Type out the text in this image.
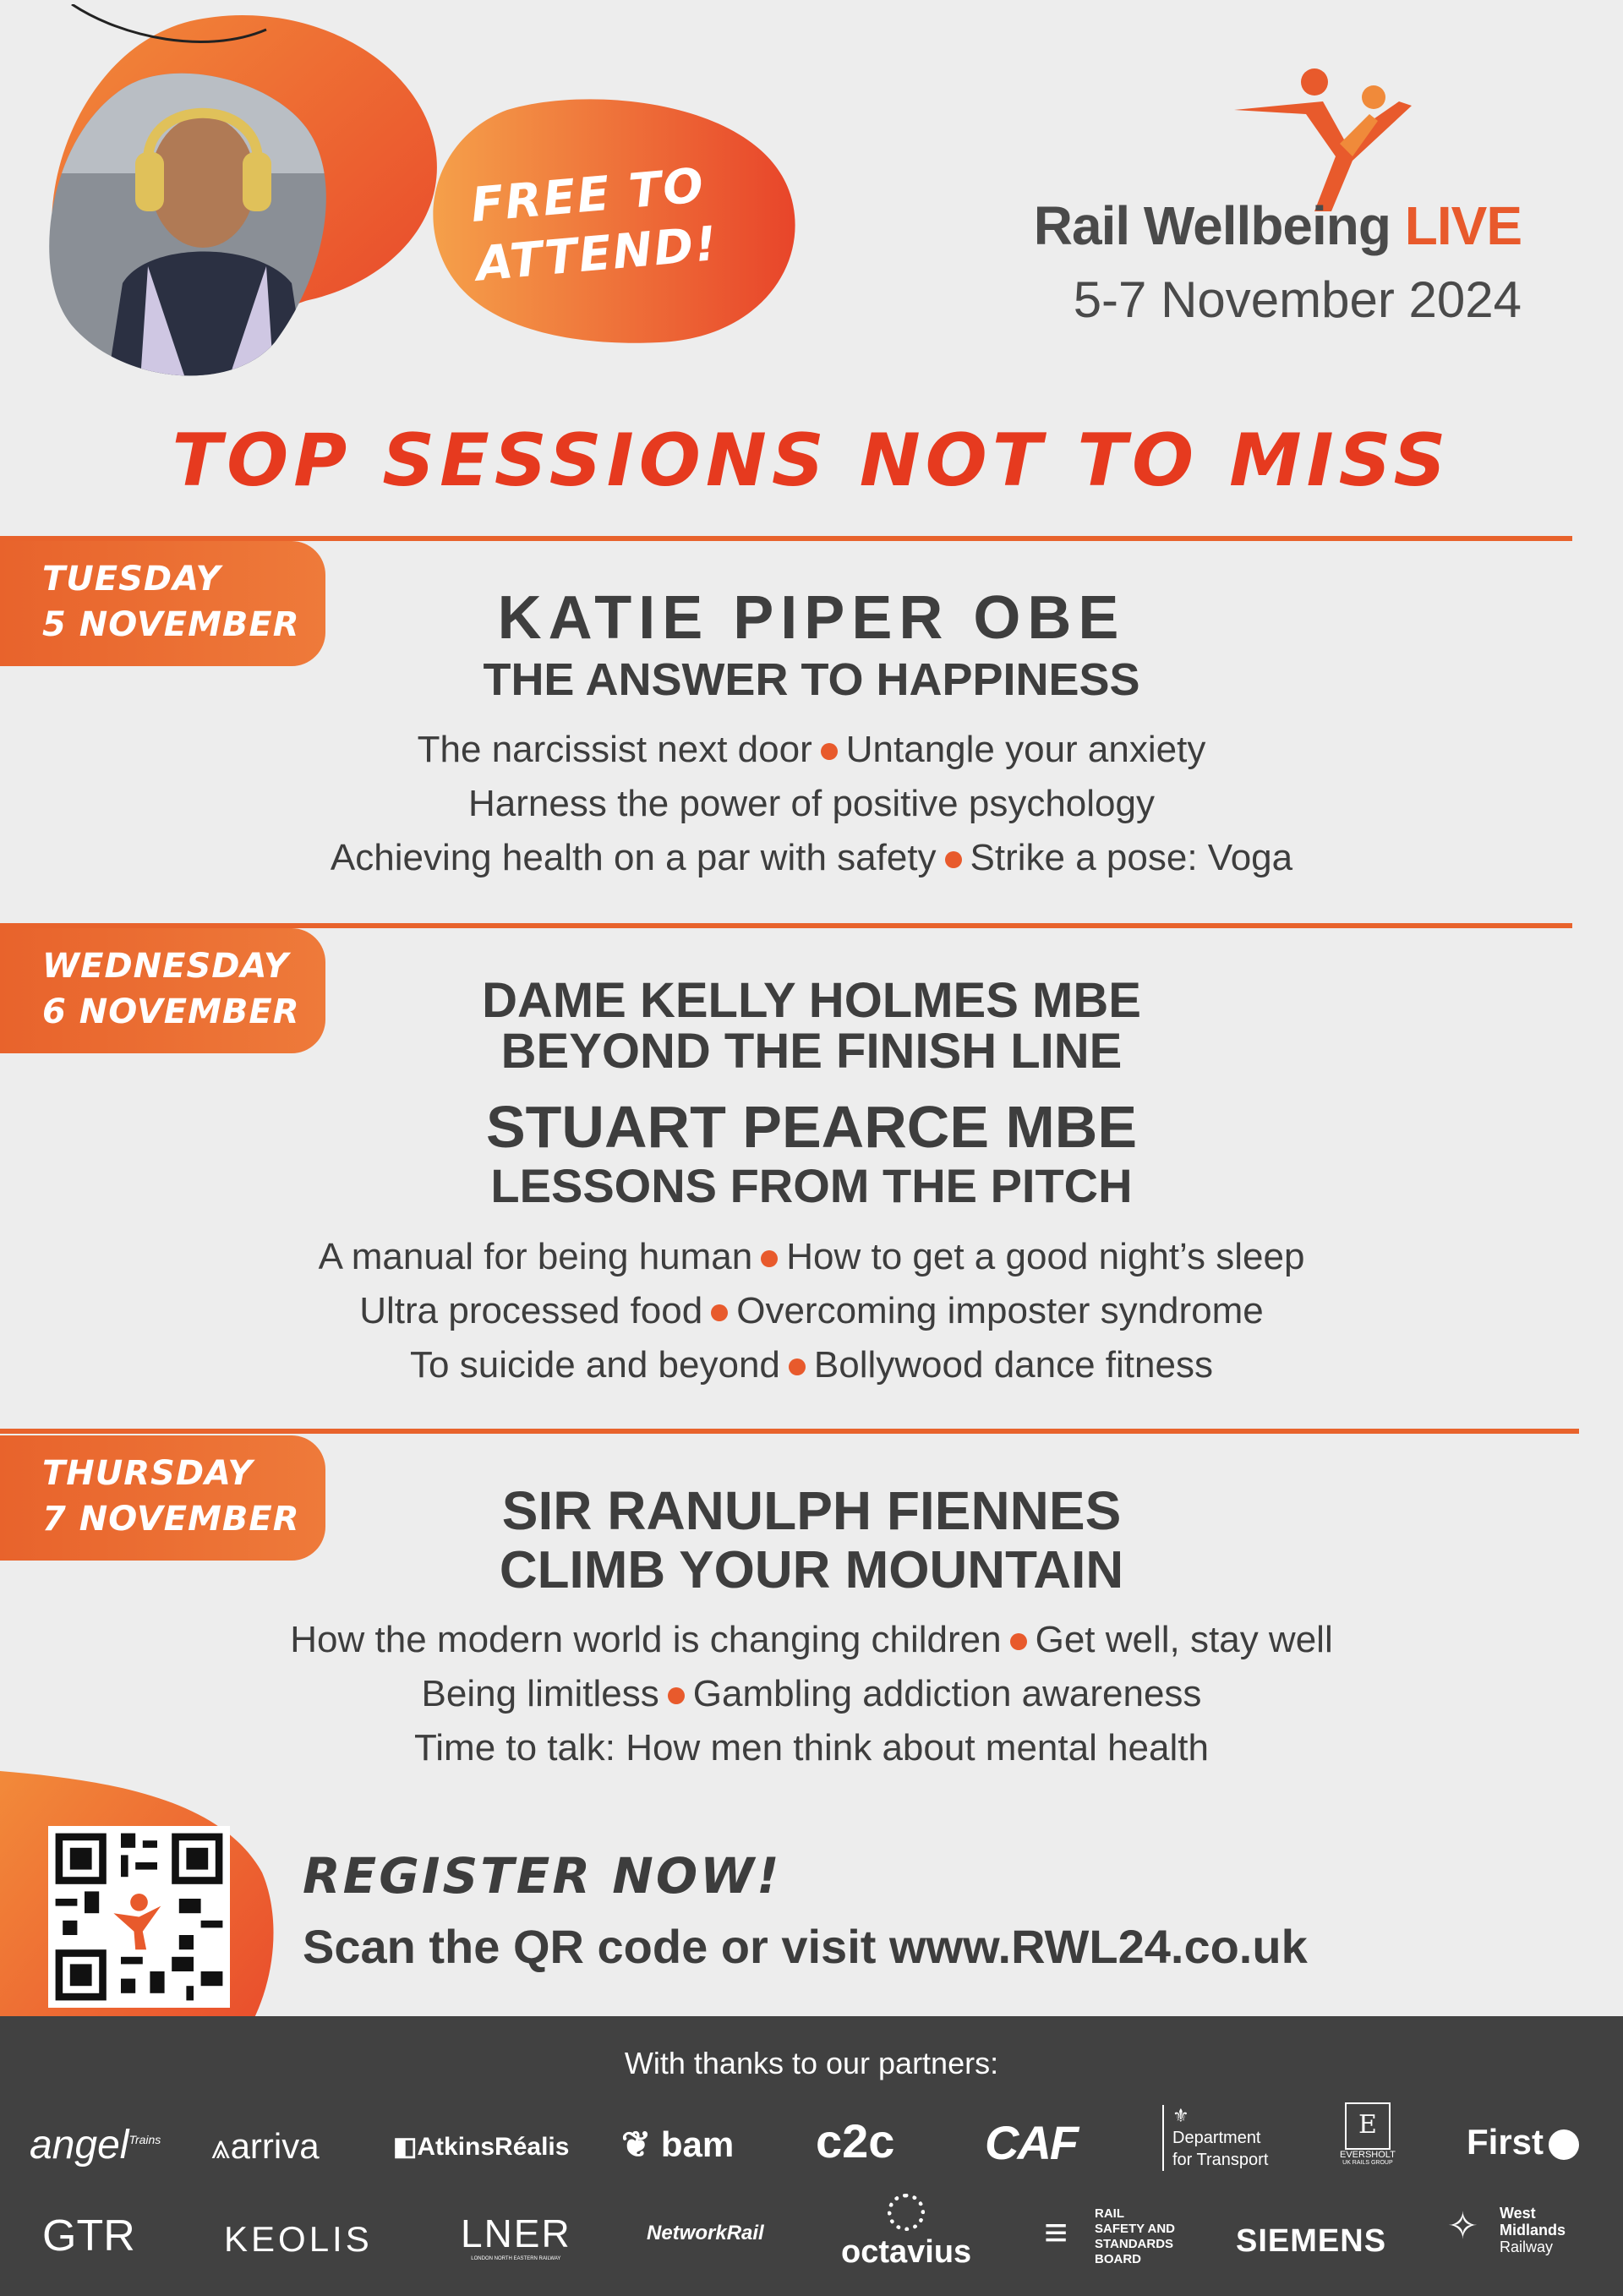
FREE TO
ATTEND!	Rail Wellbeing LIVE
5-7 November 2024
TOP SESSIONS NOT TO MISS
TUESDAY
5 NOVEMBER	KATIE PIPER OBE
THE ANSWER TO HAPPINESS
The narcissist next door Untangle your anxiety
Harness the power of positive psychology
Achieving health on a par with safety Strike a pose: Voga
WEDNESDAY
6 NOVEMBER	DAME KELLY HOLMES MBE
BEYOND THE FINISH LINE
STUART PEARCE MBE
LESSONS FROM THE PITCH
A manual for being human How to get a good night’s sleep
Ultra processed food Overcoming imposter syndrome
To suicide and beyond Bollywood dance fitness
THURSDAY
7 NOVEMBER	SIR RANULPH FIENNES
CLIMB YOUR MOUNTAIN
How the modern world is changing children Get well, stay well
Being limitless Gambling addiction awareness
Time to talk: How men think about mental health
REGISTER NOW!
Scan the QR code or visit www.RWL24.co.uk
With thanks to our partners:
angel$^{Trains}$ ⩓arriva	◧AtkinsRéalis ❦ bam c2c CAF
⚜
Department
for Transport
E
EVERSHOLT
UK RAILS GROUP
First
GTR	KEOLIS LNER
LONDON NORTH EASTERN RAILWAY
NetworkRail
octavius ≡ RAIL
SAFETY AND
STANDARDS
BOARD
SIEMENS ✧ West
Midlands
Railway
